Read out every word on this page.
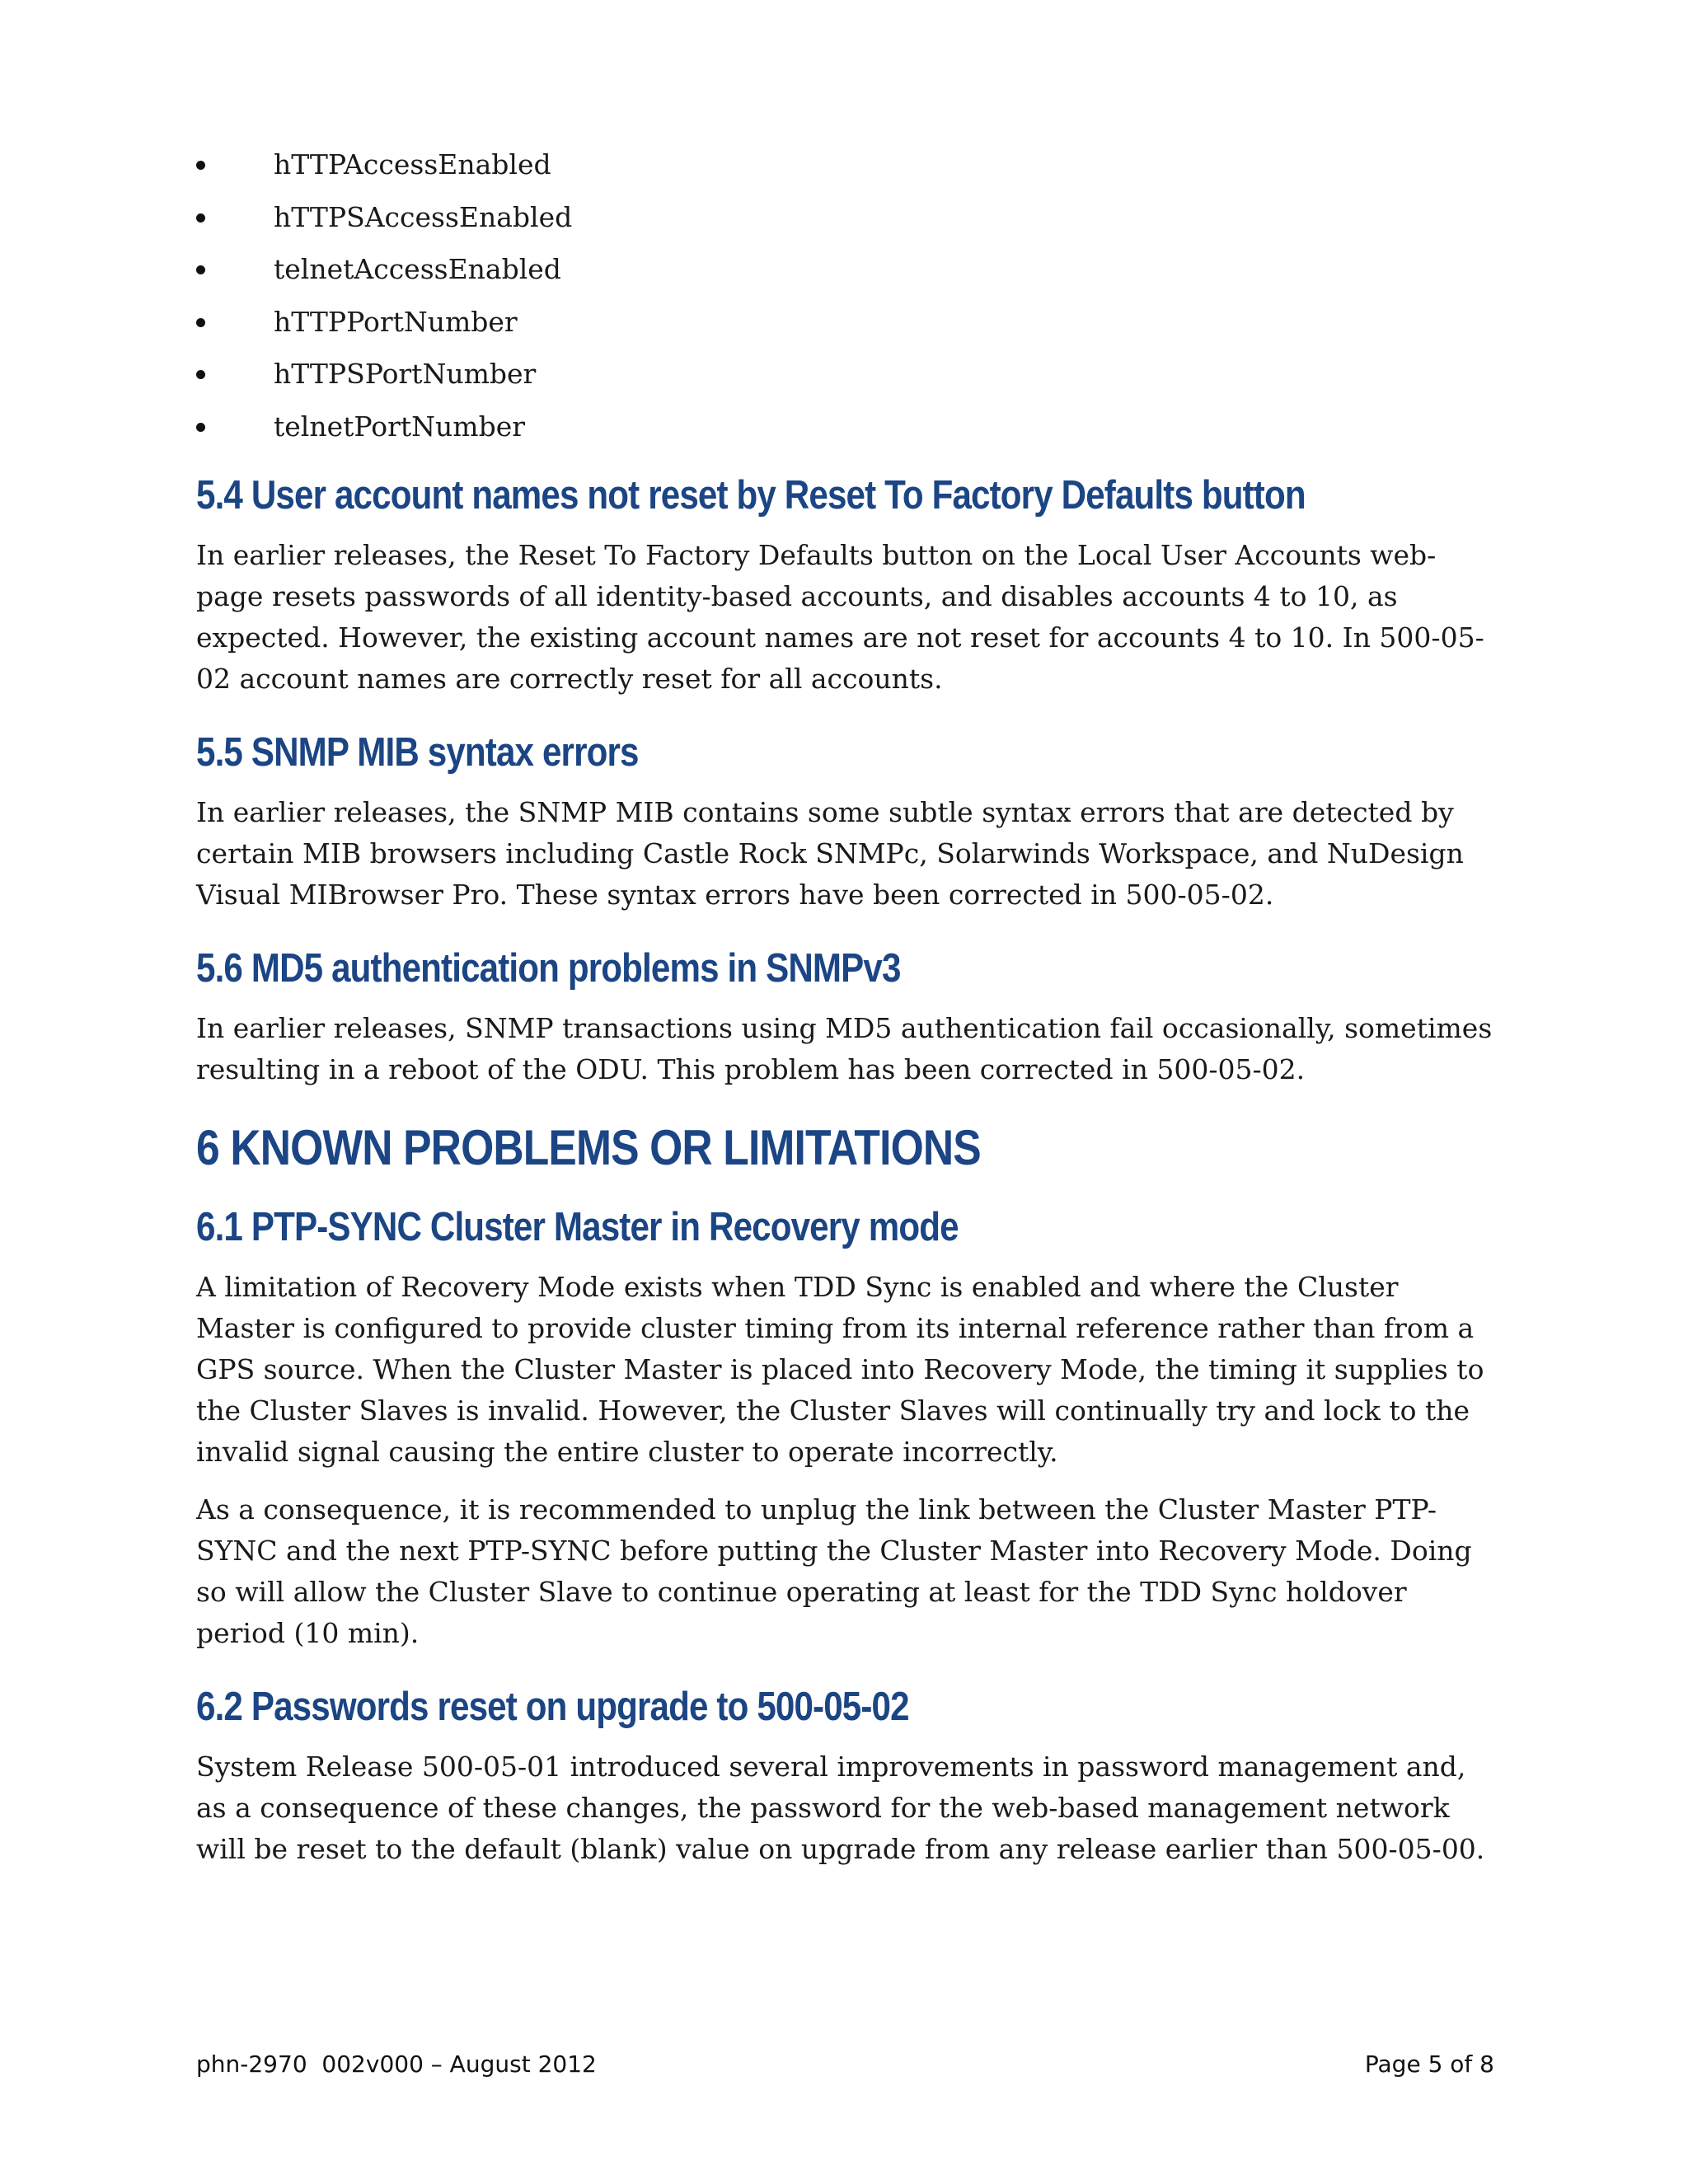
hTTPAccessEnabled
hTTPSAccessEnabled
telnetAccessEnabled
hTTPPortNumber
hTTPSPortNumber
telnetPortNumber
5.4 User account names not reset by Reset To Factory Defaults button

In earlier releases, the Reset To Factory Defaults button on the Local User Accounts web-page resets passwords of all identity-based accounts, and disables accounts 4 to 10, as expected. However, the existing account names are not reset for accounts 4 to 10. In 500-05-02 account names are correctly reset for all accounts.

5.5 SNMP MIB syntax errors

In earlier releases, the SNMP MIB contains some subtle syntax errors that are detected by certain MIB browsers including Castle Rock SNMPc, Solarwinds Workspace, and NuDesign Visual MIBrowser Pro. These syntax errors have been corrected in 500-05-02.

5.6 MD5 authentication problems in SNMPv3

In earlier releases, SNMP transactions using MD5 authentication fail occasionally, sometimes resulting in a reboot of the ODU. This problem has been corrected in 500-05-02.

6 KNOWN PROBLEMS OR LIMITATIONS
6.1 PTP-SYNC Cluster Master in Recovery mode

A limitation of Recovery Mode exists when TDD Sync is enabled and where the Cluster Master is configured to provide cluster timing from its internal reference rather than from a GPS source. When the Cluster Master is placed into Recovery Mode, the timing it supplies to the Cluster Slaves is invalid. However, the Cluster Slaves will continually try and lock to the invalid signal causing the entire cluster to operate incorrectly.

As a consequence, it is recommended to unplug the link between the Cluster Master PTP-SYNC and the next PTP-SYNC before putting the Cluster Master into Recovery Mode. Doing so will allow the Cluster Slave to continue operating at least for the TDD Sync holdover period (10 min).

6.2 Passwords reset on upgrade to 500-05-02

System Release 500-05-01 introduced several improvements in password management and, as a consequence of these changes, the password for the web-based management network will be reset to the default (blank) value on upgrade from any release earlier than 500-05-00.

phn-2970  002v000 – August 2012	Page 5 of 8
